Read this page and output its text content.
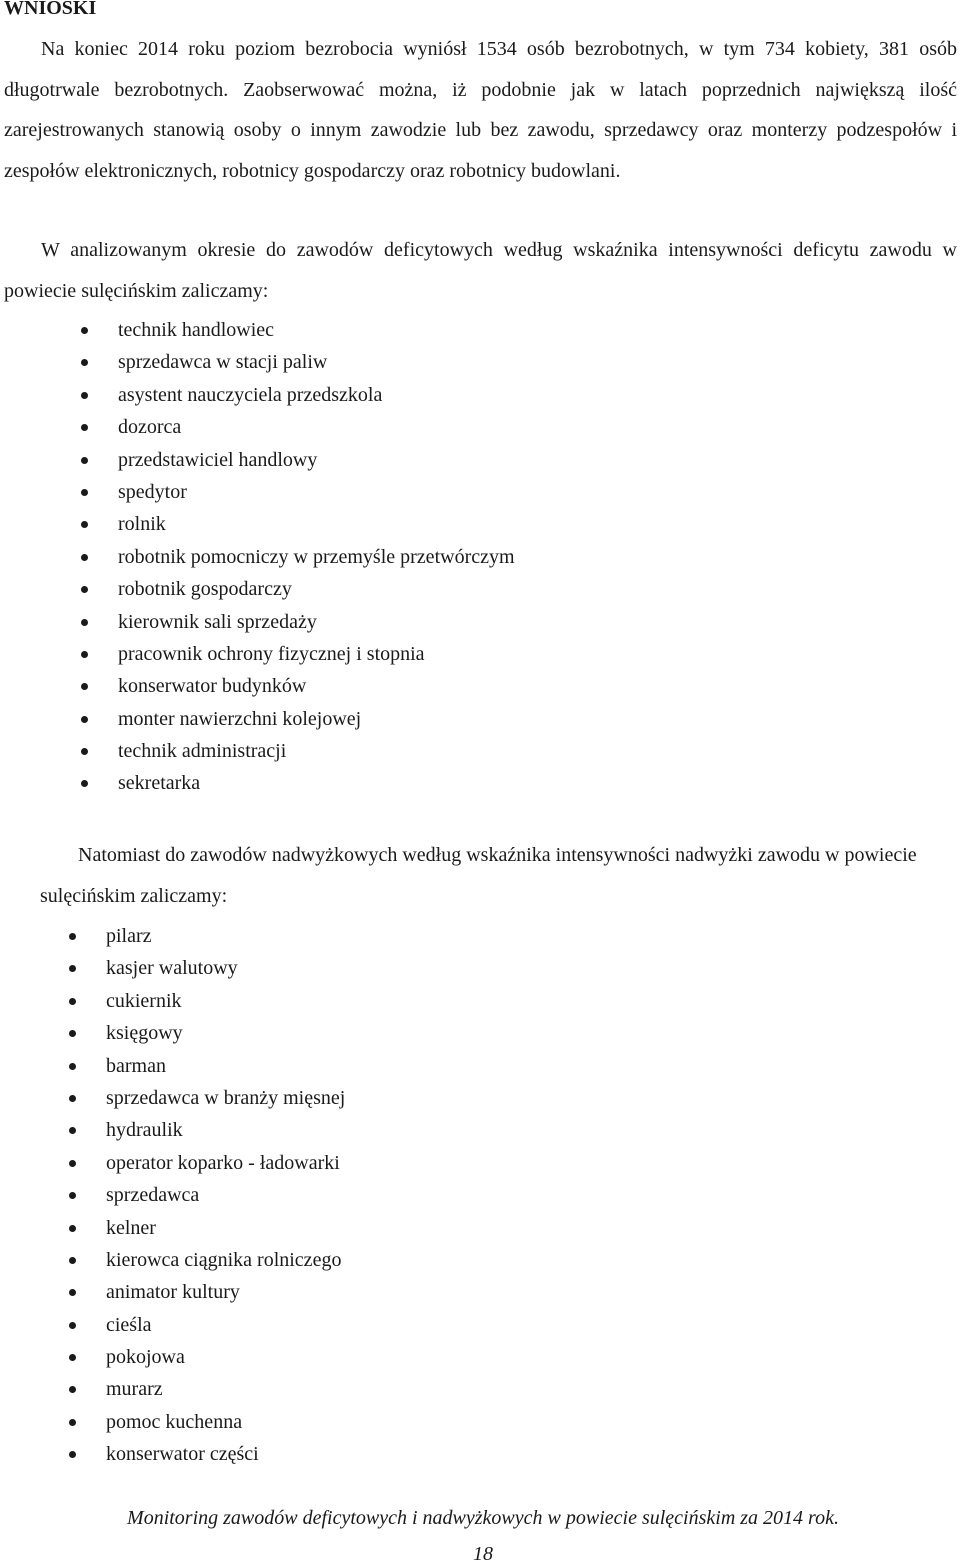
WNIOSKI

Na koniec 2014 roku poziom bezrobocia wyniósł 1534 osób bezrobotnych, w tym 734 kobiety, 381 osób długotrwale bezrobotnych. Zaobserwować można, iż podobnie jak w latach poprzednich największą ilość zarejestrowanych stanowią osoby o innym zawodzie lub bez zawodu, sprzedawcy oraz monterzy podzespołów i zespołów elektronicznych, robotnicy gospodarczy oraz robotnicy budowlani.

W analizowanym okresie do zawodów deficytowych według wskaźnika intensywności deficytu zawodu w powiecie sulęcińskim zaliczamy:

technik handlowiec
sprzedawca w stacji paliw
asystent nauczyciela przedszkola
dozorca
przedstawiciel handlowy
spedytor
rolnik
robotnik pomocniczy w przemyśle przetwórczym
robotnik gospodarczy
kierownik sali sprzedaży
pracownik ochrony fizycznej i stopnia
konserwator budynków
monter nawierzchni kolejowej
technik administracji
sekretarka

Natomiast do zawodów nadwyżkowych według wskaźnika intensywności nadwyżki zawodu w powiecie sulęcińskim zaliczamy:

pilarz
kasjer walutowy
cukiernik
księgowy
barman
sprzedawca w branży mięsnej
hydraulik
operator koparko - ładowarki
sprzedawca
kelner
kierowca ciągnika rolniczego
animator kultury
cieśla
pokojowa
murarz
pomoc kuchenna
konserwator części

Monitoring zawodów deficytowych i nadwyżkowych w powiecie sulęcińskim za 2014 rok.

18
